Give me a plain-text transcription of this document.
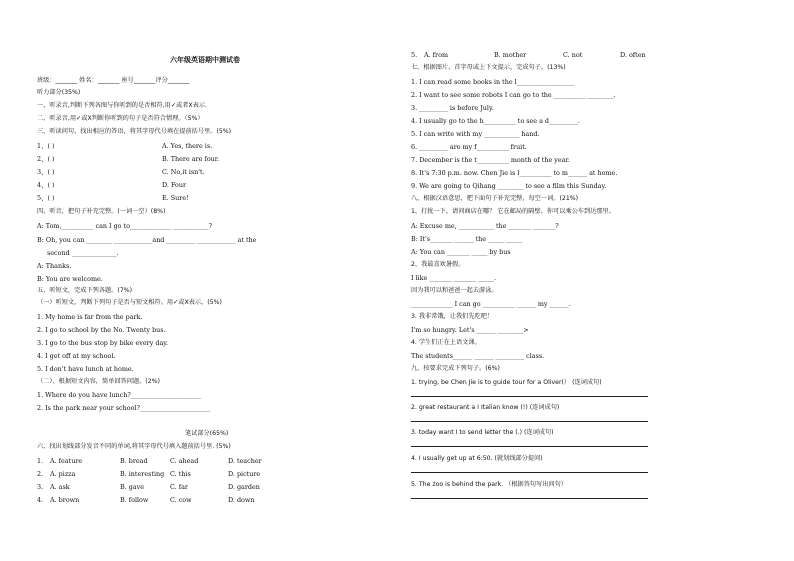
六年级英语期中测试卷
班级：_______ 姓名：_______ 座号_______评分_______
听力部分(35%)
一、听录音,判断下列各图与你听到的是否相符,用✓或者X表示.
二、听录音,用✓或X判断你听到的句子是否符合情理。（5%）
三、听读问句，找出相应的答语，将其字母代号填在提前括号里。(5%)
1、( )	A. Yes, there is.
2、( )	B. There are four.
3、( )	C. No,it isn't.
4、( )	D. Four
5、( )	E. Sure!
四、听音，把句子补充完整。(一词一空）(8%)
A: Tom,__________ can I go to_____________ ___________?
B: Oh, you can ________ ____________and _________ ____________ at the
second ______________.
A: Thanks.
B: You are welcome.
五、听短文，完成下列各题。(7%)
（一）听短文，判断下列句子是否与短文相符。用✓或X表示。(5%)
1. My home is far from the park.
2. I go to school by the No. Twenty bus.
3. I go to the bus stop by bike every day.
4. I get off at my school.
5. I don't have lunch at home.
（二）、根据短文内容，简单回答问题。(2%)
1. Where do you have lunch?______________________
2. Is the park near your school?______________________
笔试部分(65%)
六、找出划线部分发音不同的单词,将其字母代号填入题前括号里. (5%)
1. A. feature	B. bread	C. ahead	D. teacher
2. A. pizza	B. interesting C. this	D. picture
3. A. ask	B. gave	C. far	D. garden
4. A. brown	B. follow	C. cow	D. down
5. A. from	B. mother	C. not	D. often
七、根据图片、首字母或上下文提示，完成句子。(13%)
1. I can read some books in the l__________________
2. I want to see some robots I can go to the __________ ________.
3. _________ is before July.
4. I usually go to the h__________ to see a d_________.
5. I can write with my ___________ hand.
6. _________ are my f__________ fruit.
7. December is the t__________ month of the year.
8. It's 7:30 p.m. now. Chen Jie is l__________ to m______ at home.
9. We are going to Qihang ________ to see a film this Sunday.
八、根据汉语意思，把下面句子补充完整，每空一词。(21%)
1、打扰一下，请问商店在哪？ 它在邮局的隔壁。你可以乘公车到达那里。
A: Excuse me, ___________ the _______ _______?
B: It's_______ ______ the _____ _____
A: You can _______ _____ by bus
2、我最喜欢暑假。
I like _______ _______ _____.
因为我可以和爸爸一起去游泳。
_____________ I can go __________ ______ my ______.
3. 我非常饿，让我们先吃吧！
I'm so hungry. Let's ______ ________>
4. 学生们正在上语文课。
The students______ ______ _________ class.
九、按要求完成下列句子。(6%)
1. trying, be Chen Jie is to guide tour for a Oliver(） (连词成句)
2. great restaurant a I Italian know (!) (连词成句)
3. today want I to send letter the (.) (连词成句)
4. I usually get up at 6:50. (就划线部分提问)
5. The zoo is behind the park. （根据答句写出问句）
